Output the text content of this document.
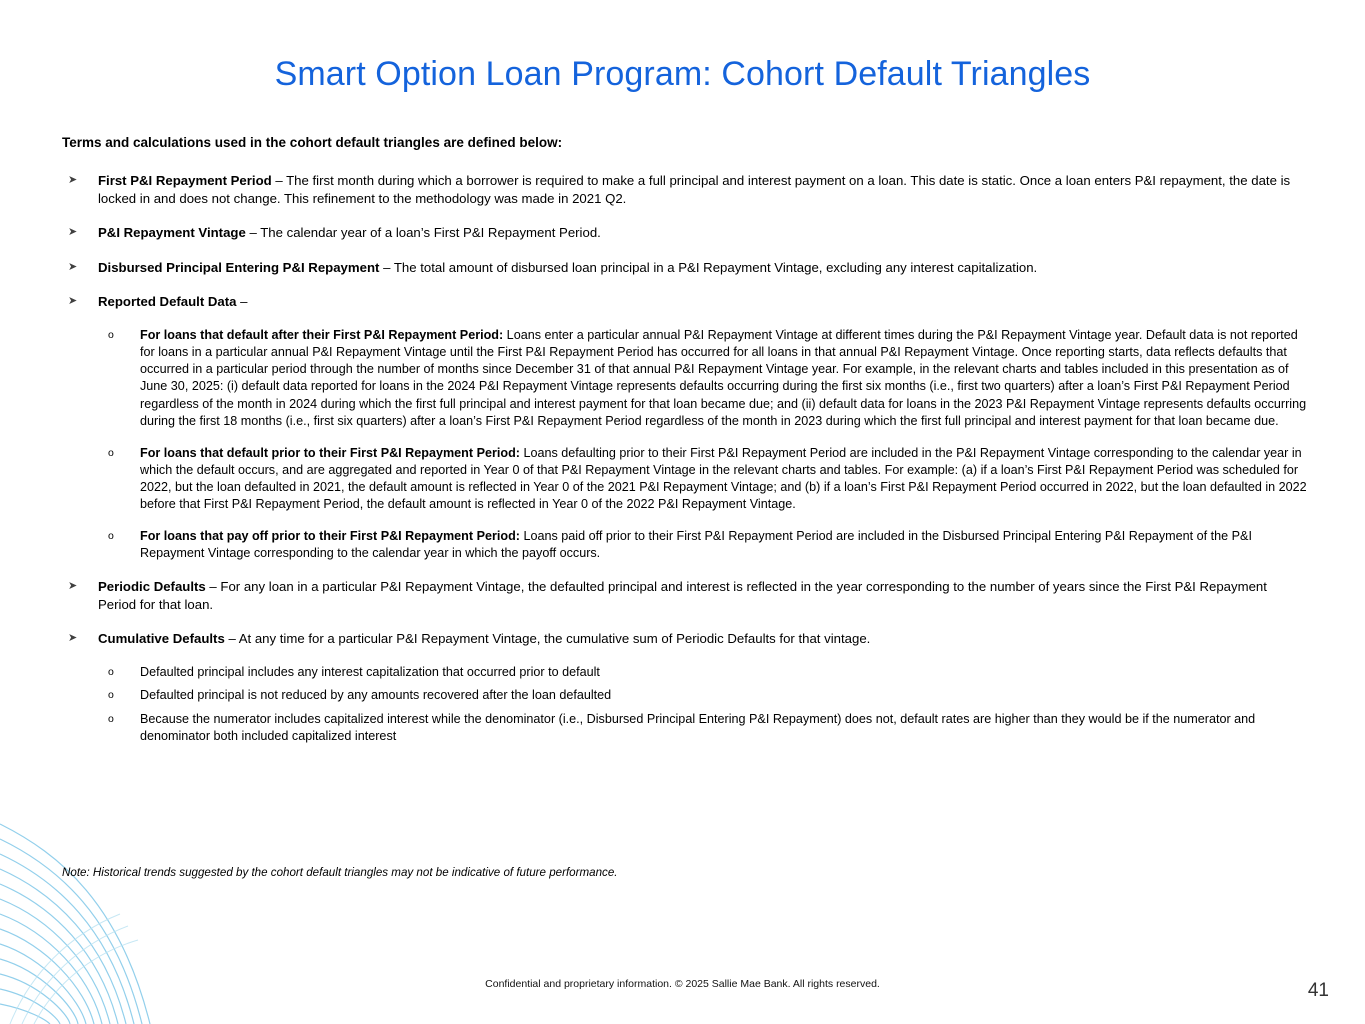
Smart Option Loan Program: Cohort Default Triangles
Terms and calculations used in the cohort default triangles are defined below:
➤ First P&I Repayment Period – The first month during which a borrower is required to make a full principal and interest payment on a loan. This date is static. Once a loan enters P&I repayment, the date is locked in and does not change. This refinement to the methodology was made in 2021 Q2.
➤ P&I Repayment Vintage – The calendar year of a loan’s First P&I Repayment Period.
➤ Disbursed Principal Entering P&I Repayment – The total amount of disbursed loan principal in a P&I Repayment Vintage, excluding any interest capitalization.
➤ Reported Default Data –
o For loans that default after their First P&I Repayment Period: Loans enter a particular annual P&I Repayment Vintage at different times during the P&I Repayment Vintage year. Default data is not reported for loans in a particular annual P&I Repayment Vintage until the First P&I Repayment Period has occurred for all loans in that annual P&I Repayment Vintage. Once reporting starts, data reflects defaults that occurred in a particular period through the number of months since December 31 of that annual P&I Repayment Vintage year. For example, in the relevant charts and tables included in this presentation as of June 30, 2025: (i) default data reported for loans in the 2024 P&I Repayment Vintage represents defaults occurring during the first six months (i.e., first two quarters) after a loan’s First P&I Repayment Period regardless of the month in 2024 during which the first full principal and interest payment for that loan became due; and (ii) default data for loans in the 2023 P&I Repayment Vintage represents defaults occurring during the first 18 months (i.e., first six quarters) after a loan’s First P&I Repayment Period regardless of the month in 2023 during which the first full principal and interest payment for that loan became due.
o For loans that default prior to their First P&I Repayment Period: Loans defaulting prior to their First P&I Repayment Period are included in the P&I Repayment Vintage corresponding to the calendar year in which the default occurs, and are aggregated and reported in Year 0 of that P&I Repayment Vintage in the relevant charts and tables. For example: (a) if a loan’s First P&I Repayment Period was scheduled for 2022, but the loan defaulted in 2021, the default amount is reflected in Year 0 of the 2021 P&I Repayment Vintage; and (b) if a loan’s First P&I Repayment Period occurred in 2022, but the loan defaulted in 2022 before that First P&I Repayment Period, the default amount is reflected in Year 0 of the 2022 P&I Repayment Vintage.
o For loans that pay off prior to their First P&I Repayment Period: Loans paid off prior to their First P&I Repayment Period are included in the Disbursed Principal Entering P&I Repayment of the P&I Repayment Vintage corresponding to the calendar year in which the payoff occurs.
➤ Periodic Defaults – For any loan in a particular P&I Repayment Vintage, the defaulted principal and interest is reflected in the year corresponding to the number of years since the First P&I Repayment Period for that loan.
➤ Cumulative Defaults – At any time for a particular P&I Repayment Vintage, the cumulative sum of Periodic Defaults for that vintage.
o Defaulted principal includes any interest capitalization that occurred prior to default
o Defaulted principal is not reduced by any amounts recovered after the loan defaulted
o Because the numerator includes capitalized interest while the denominator (i.e., Disbursed Principal Entering P&I Repayment) does not, default rates are higher than they would be if the numerator and denominator both included capitalized interest
Note: Historical trends suggested by the cohort default triangles may not be indicative of future performance.
Confidential and proprietary information. © 2025 Sallie Mae Bank. All rights reserved.	41
